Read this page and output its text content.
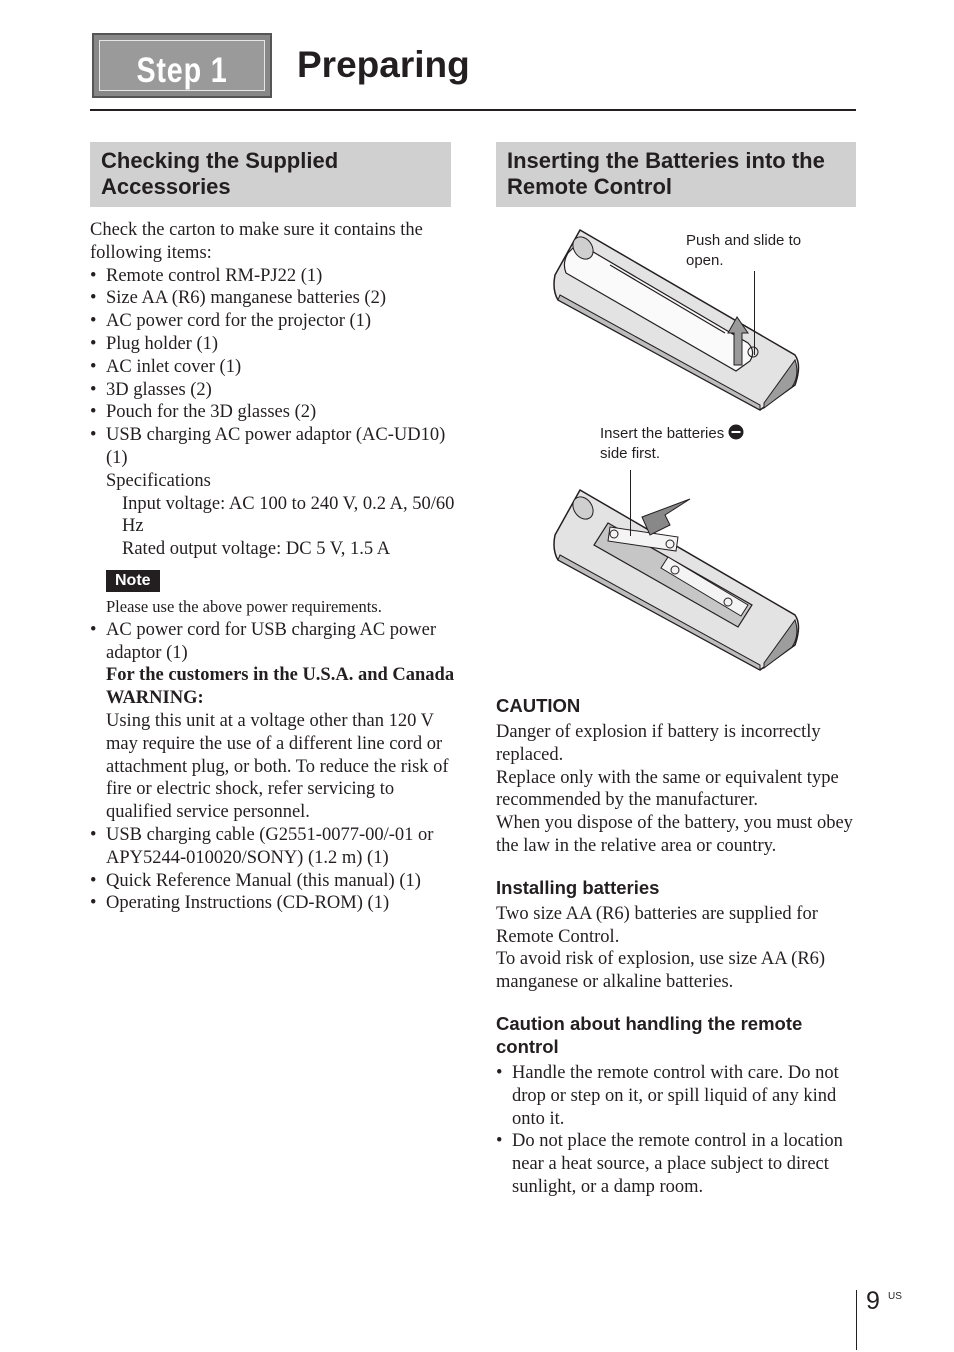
Step 1	Preparing
Checking the Supplied Accessories

Check the carton to make sure it contains the following items:

• Remote control RM-PJ22 (1)
• Size AA (R6) manganese batteries (2)
• AC power cord for the projector (1)
• Plug holder (1)
• AC inlet cover (1)
• 3D glasses (2)
• Pouch for the 3D glasses (2)
• USB charging AC power adaptor (AC-UD10) (1)

Specifications

Input voltage: AC 100 to 240 V, 0.2 A, 50/60 Hz

Rated output voltage: DC 5 V, 1.5 A

Note

Please use the above power requirements.

• AC power cord for USB charging AC power adaptor (1)

For the customers in the U.S.A. and Canada

WARNING:

Using this unit at a voltage other than 120 V may require the use of a different line cord or attachment plug, or both. To reduce the risk of fire or electric shock, refer servicing to qualified service personnel.

• USB charging cable (G2551-0077-00/-01 or APY5244-010020/SONY) (1.2 m) (1)
• Quick Reference Manual (this manual) (1)
• Operating Instructions (CD-ROM) (1)
Inserting the Batteries into the Remote Control
Push and slide to open.
Insert the batteries
side first.

CAUTION

Danger of explosion if battery is incorrectly replaced.

Replace only with the same or equivalent type recommended by the manufacturer.

When you dispose of the battery, you must obey the law in the relative area or country.

Installing batteries

Two size AA (R6) batteries are supplied for Remote Control.

To avoid risk of explosion, use size AA (R6) manganese or alkaline batteries.

Caution about handling the remote control

• Handle the remote control with care. Do not drop or step on it, or spill liquid of any kind onto it.
• Do not place the remote control in a location near a heat source, a place subject to direct sunlight, or a damp room.
9 US
